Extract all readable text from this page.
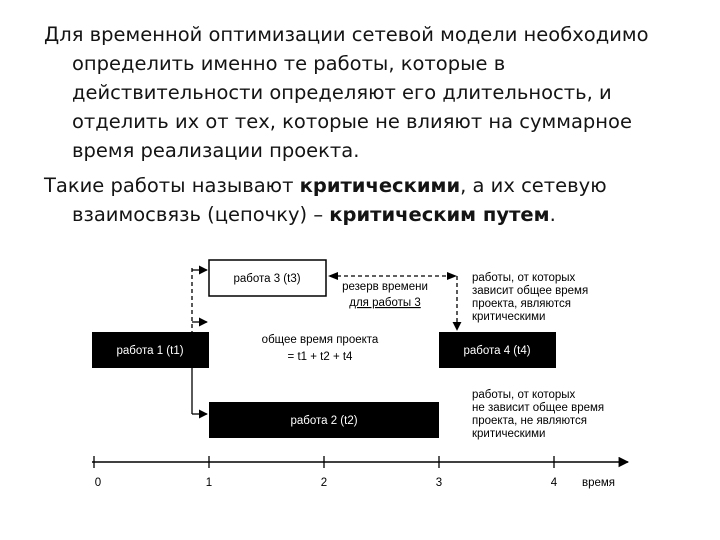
Для временной оптимизации сетевой модели необходимо определить именно те работы, которые в действительности определяют его длительность, и отделить их от тех, которые не влияют на суммарное время реализации проекта.

Такие работы называют критическими, а их сетевую взаимосвязь (цепочку) – критическим путем.

работа 3 (t3)
работа 1 (t1)	работа 4 (t4)
работа 2 (t2)
резерв времени
для работы 3
общее время проекта
= t1 + t2 + t4
работы, от которых
зависит общее время
проекта, являются
критическими
работы, от которых
не зависит общее время
проекта, не являются
критическими
0	1	2	3	4 время
